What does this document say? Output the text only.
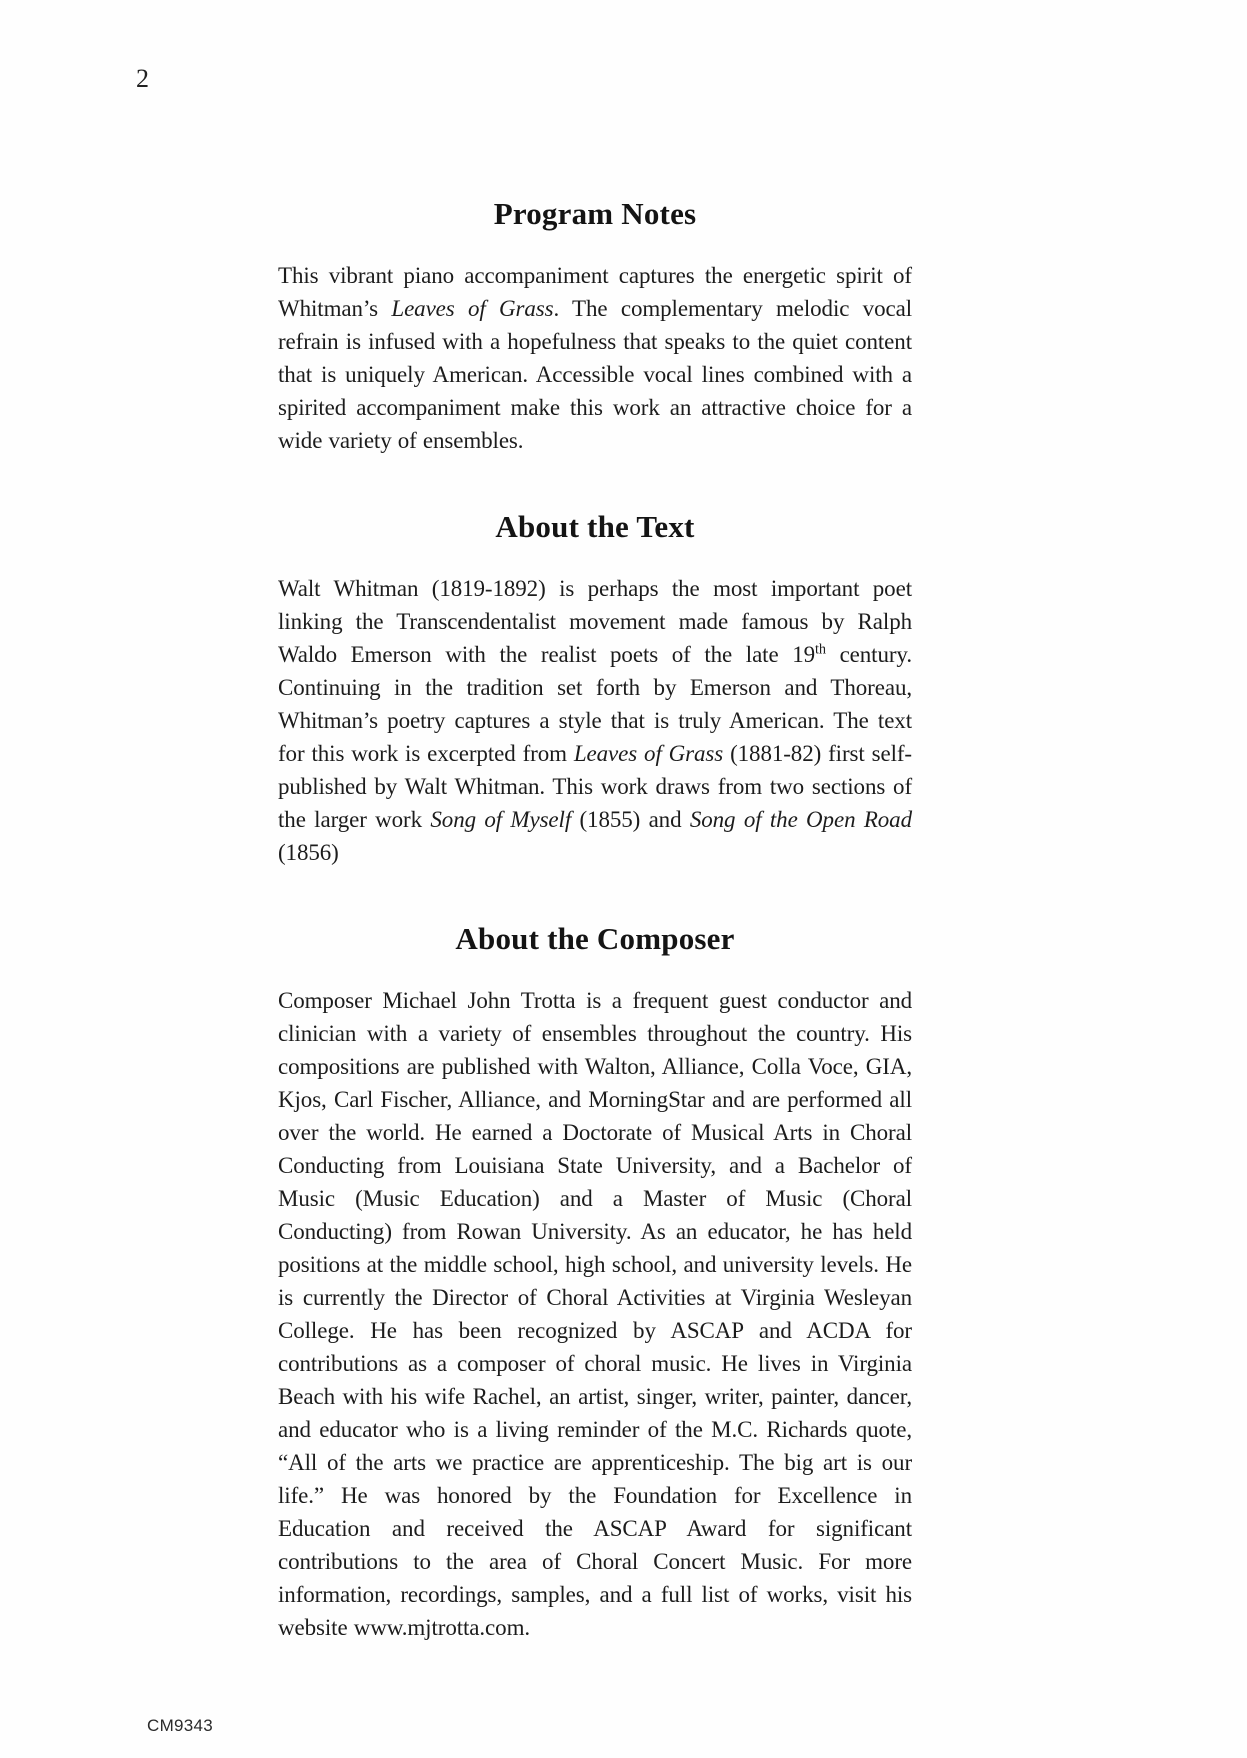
2
Program Notes

This vibrant piano accompaniment captures the energetic spirit of Whitman’s Leaves of Grass. The complementary melodic vocal refrain is infused with a hopefulness that speaks to the quiet content that is uniquely American. Accessible vocal lines combined with a spirited accompaniment make this work an attractive choice for a wide variety of ensembles.

About the Text

Walt Whitman (1819-1892) is perhaps the most important poet linking the Transcendentalist movement made famous by Ralph Waldo Emerson with the realist poets of the late 19th century. Continuing in the tradition set forth by Emerson and Thoreau, Whitman’s poetry captures a style that is truly American. The text for this work is excerpted from Leaves of Grass (1881-82) first self-published by Walt Whitman. This work draws from two sections of the larger work Song of Myself (1855) and Song of the Open Road (1856)

About the Composer

Composer Michael John Trotta is a frequent guest conductor and clinician with a variety of ensembles throughout the country. His compositions are published with Walton, Alliance, Colla Voce, GIA, Kjos, Carl Fischer, Alliance, and MorningStar and are performed all over the world. He earned a Doctorate of Musical Arts in Choral Conducting from Louisiana State University, and a Bachelor of Music (Music Education) and a Master of Music (Choral Conducting) from Rowan University. As an educator, he has held positions at the middle school, high school, and university levels. He is currently the Director of Choral Activities at Virginia Wesleyan College. He has been recognized by ASCAP and ACDA for contributions as a composer of choral music. He lives in Virginia Beach with his wife Rachel, an artist, singer, writer, painter, dancer, and educator who is a living reminder of the M.C. Richards quote, “All of the arts we practice are apprenticeship. The big art is our life.” He was honored by the Foundation for Excellence in Education and received the ASCAP Award for significant contributions to the area of Choral Concert Music. For more information, recordings, samples, and a full list of works, visit his website www.mjtrotta.com.

CM9343
